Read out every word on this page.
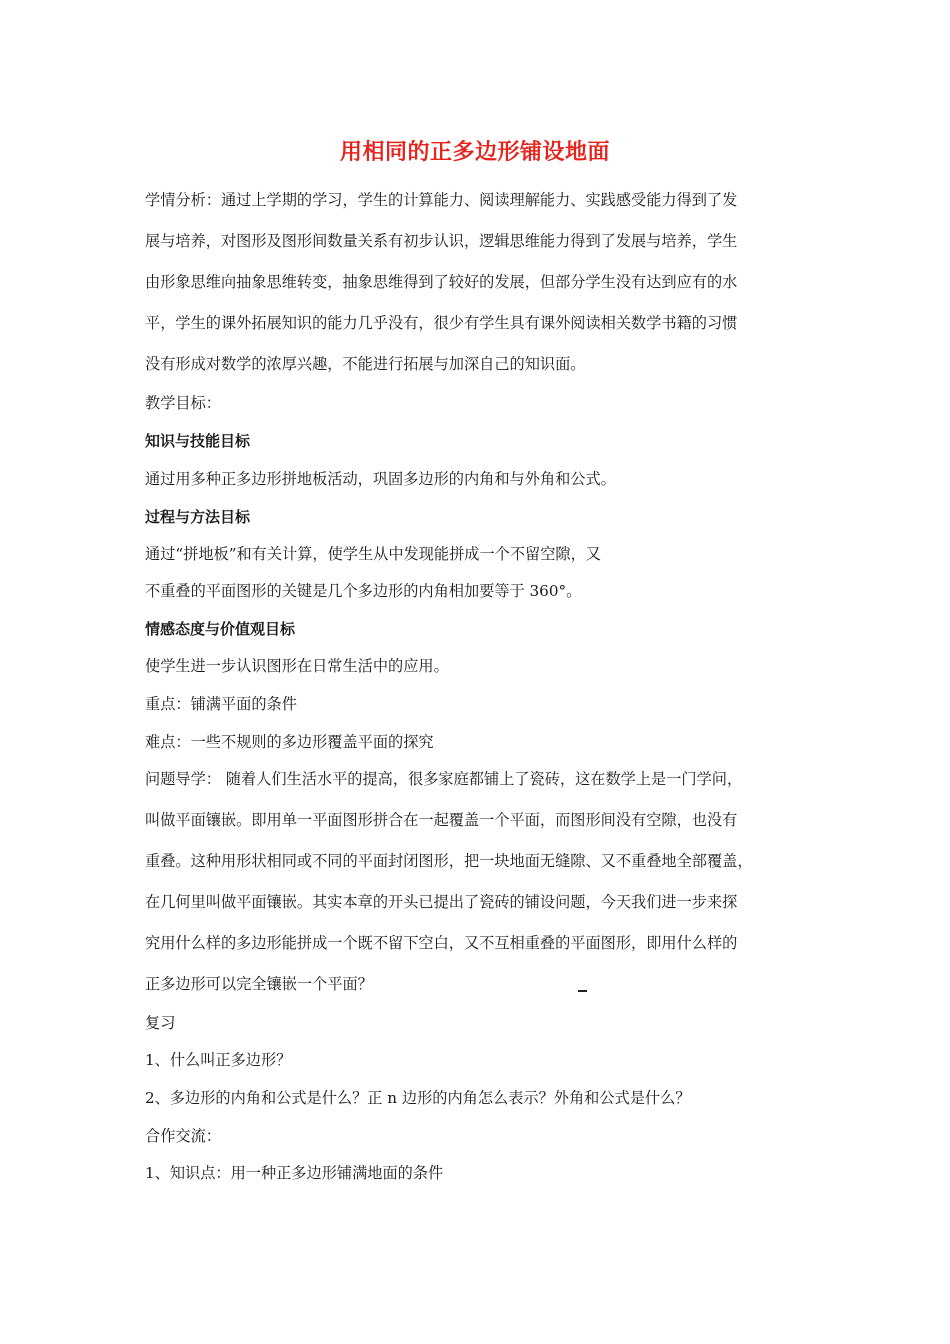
用相同的正多边形铺设地面
学情分析：通过上学期的学习，学生的计算能力、阅读理解能力、实践感受能力得到了发
展与培养，对图形及图形间数量关系有初步认识，逻辑思维能力得到了发展与培养，学生
由形象思维向抽象思维转变，抽象思维得到了较好的发展，但部分学生没有达到应有的水
平，学生的课外拓展知识的能力几乎没有，很少有学生具有课外阅读相关数学书籍的习惯
没有形成对数学的浓厚兴趣，不能进行拓展与加深自己的知识面。
教学目标：
知识与技能目标
通过用多种正多边形拼地板活动，巩固多边形的内角和与外角和公式。
过程与方法目标
通过“拼地板”和有关计算，使学生从中发现能拼成一个不留空隙，又
不重叠的平面图形的关键是几个多边形的内角相加要等于 360°。
情感态度与价值观目标
使学生进一步认识图形在日常生活中的应用。
重点：铺满平面的条件
难点：一些不规则的多边形覆盖平面的探究
问题导学： 随着人们生活水平的提高，很多家庭都铺上了瓷砖，这在数学上是一门学问，
叫做平面镶嵌。即用单一平面图形拼合在一起覆盖一个平面，而图形间没有空隙，也没有
重叠。这种用形状相同或不同的平面封闭图形，把一块地面无缝隙、又不重叠地全部覆盖，
在几何里叫做平面镶嵌。其实本章的开头已提出了瓷砖的铺设问题，今天我们进一步来探
究用什么样的多边形能拼成一个既不留下空白，又不互相重叠的平面图形，即用什么样的
正多边形可以完全镶嵌一个平面？
复习
1、什么叫正多边形？
2、多边形的内角和公式是什么？正 n 边形的内角怎么表示？外角和公式是什么？
合作交流：
1、知识点：用一种正多边形铺满地面的条件
